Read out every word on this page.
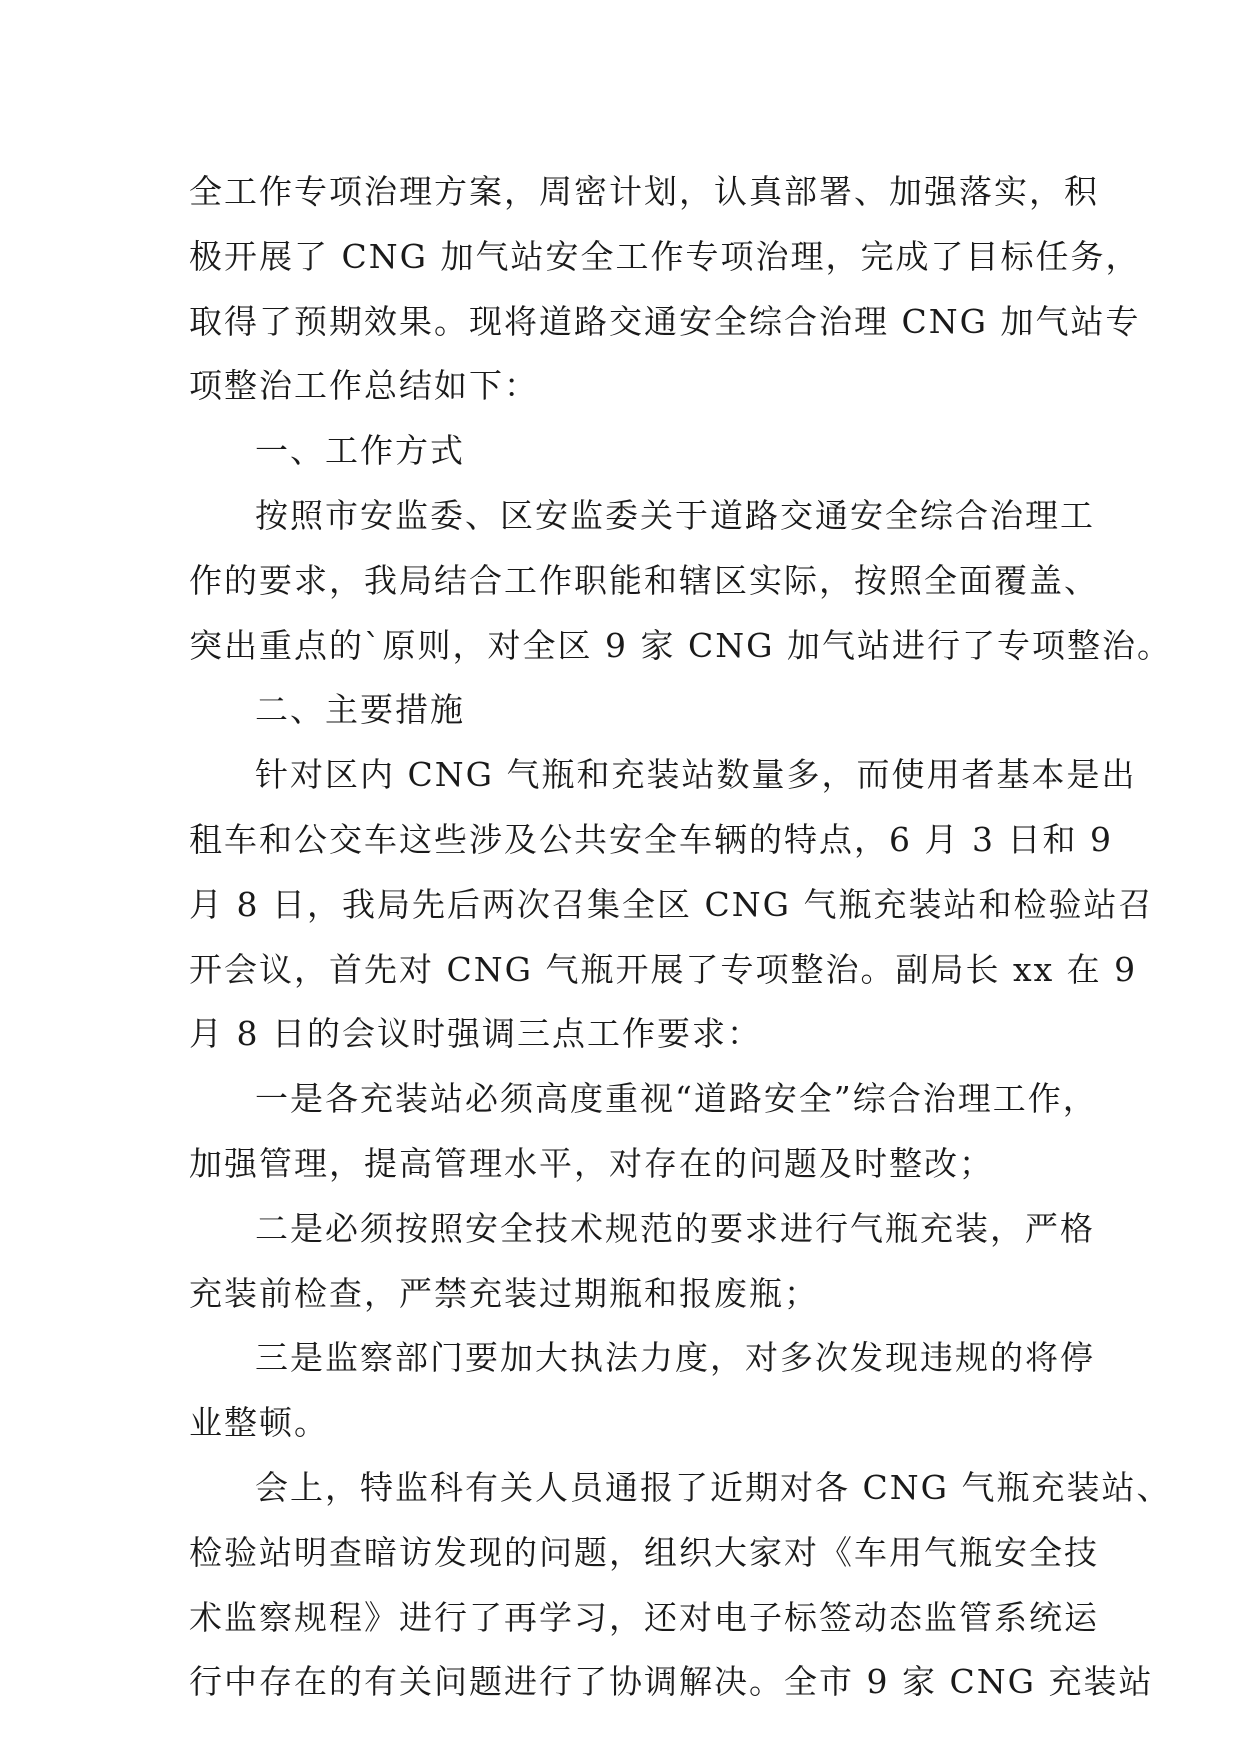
全工作专项治理方案，周密计划，认真部署、加强落实，积
极开展了 CNG 加气站安全工作专项治理，完成了目标任务，
取得了预期效果。现将道路交通安全综合治理 CNG 加气站专
项整治工作总结如下：

一、工作方式

按照市安监委、区安监委关于道路交通安全综合治理工
作的要求，我局结合工作职能和辖区实际，按照全面覆盖、
突出重点的`原则，对全区 9 家 CNG 加气站进行了专项整治。

二、主要措施

针对区内 CNG 气瓶和充装站数量多，而使用者基本是出
租车和公交车这些涉及公共安全车辆的特点，6 月 3 日和 9
月 8 日，我局先后两次召集全区 CNG 气瓶充装站和检验站召
开会议，首先对 CNG 气瓶开展了专项整治。副局长 xx 在 9
月 8 日的会议时强调三点工作要求：

一是各充装站必须高度重视“道路安全”综合治理工作，
加强管理，提高管理水平，对存在的问题及时整改；

二是必须按照安全技术规范的要求进行气瓶充装，严格
充装前检查，严禁充装过期瓶和报废瓶；

三是监察部门要加大执法力度，对多次发现违规的将停
业整顿。

会上，特监科有关人员通报了近期对各 CNG 气瓶充装站、
检验站明查暗访发现的问题，组织大家对《车用气瓶安全技
术监察规程》进行了再学习，还对电子标签动态监管系统运
行中存在的有关问题进行了协调解决。全市 9 家 CNG 充装站
